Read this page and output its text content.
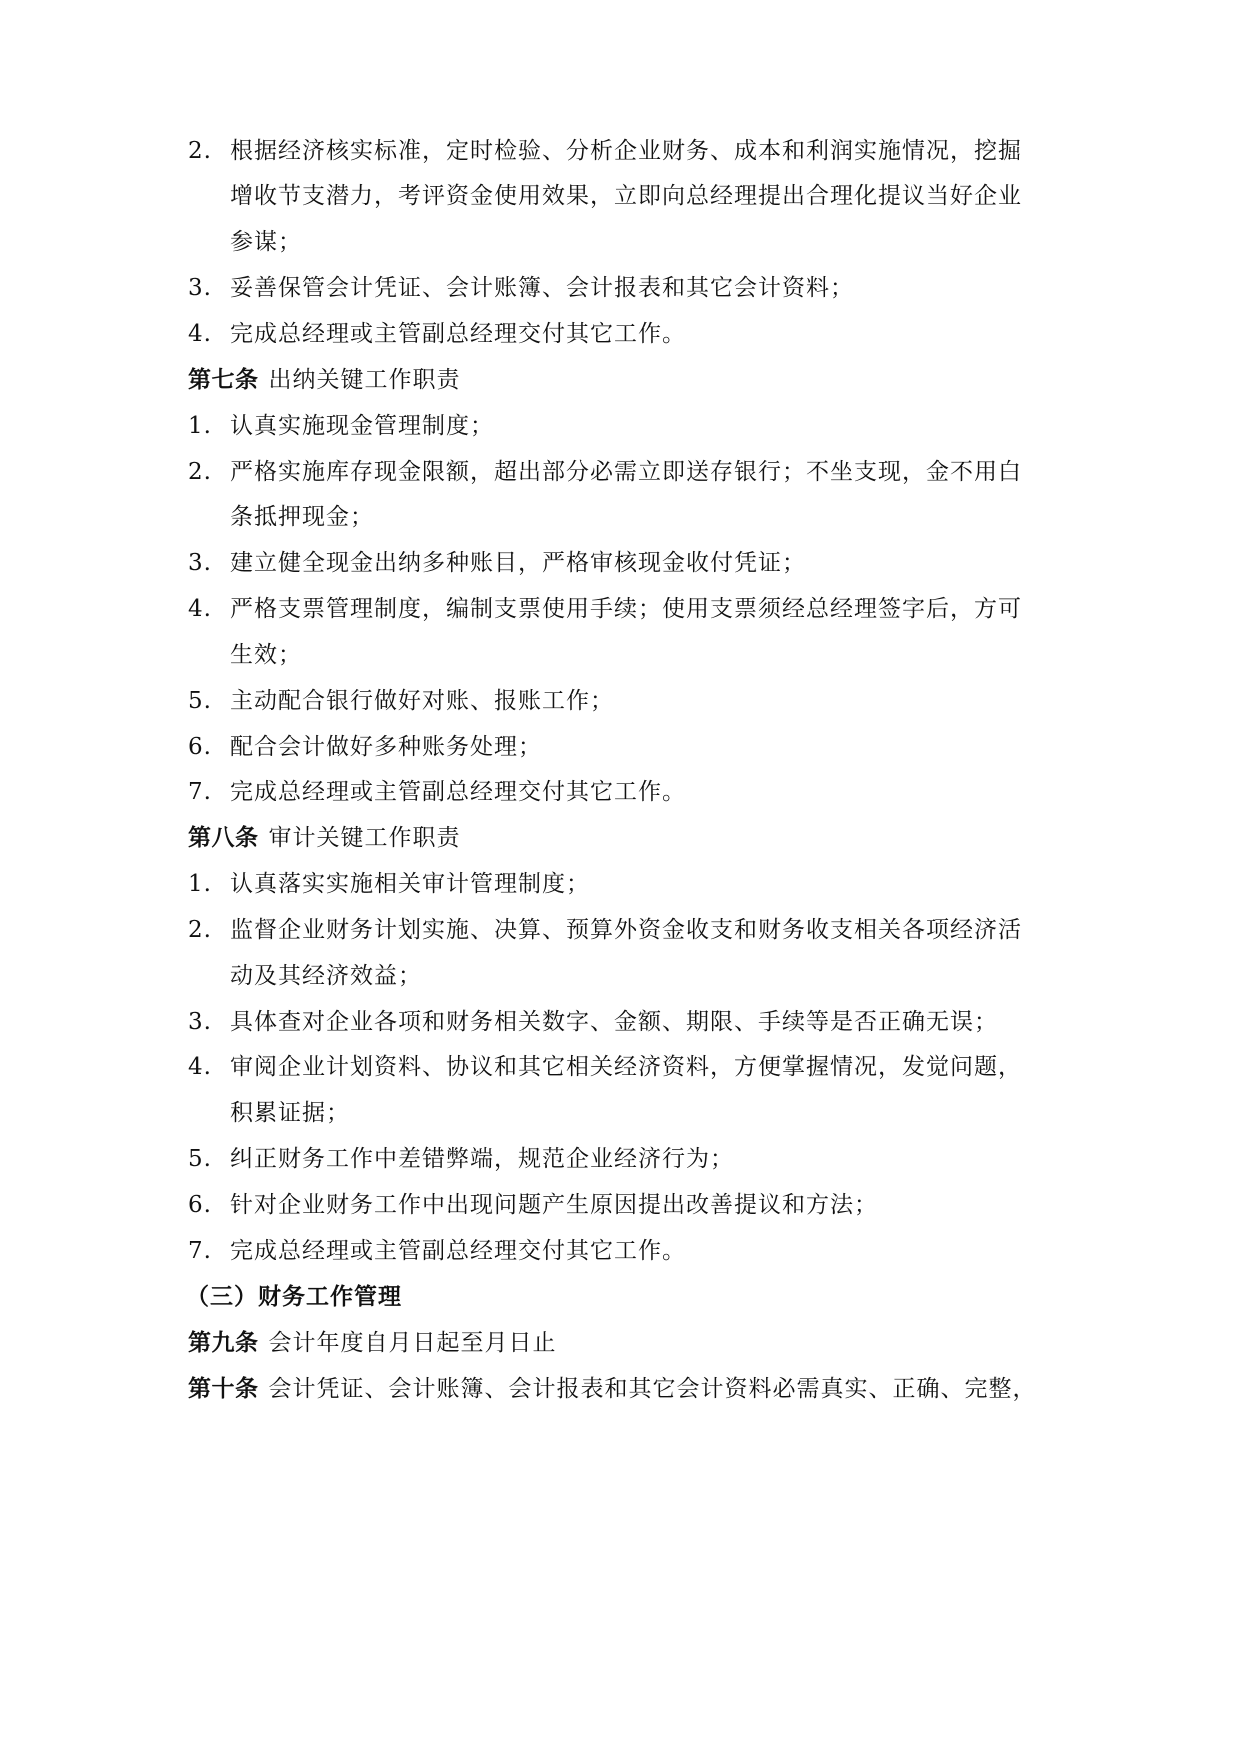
2. 根据经济核实标准，定时检验、分析企业财务、成本和利润实施情况，挖掘
增收节支潜力，考评资金使用效果，立即向总经理提出合理化提议当好企业
参谋；
3. 妥善保管会计凭证、会计账簿、会计报表和其它会计资料；
4. 完成总经理或主管副总经理交付其它工作。
第七条 出纳关键工作职责
1. 认真实施现金管理制度；
2. 严格实施库存现金限额，超出部分必需立即送存银行；不坐支现，金不用白
条抵押现金；
3. 建立健全现金出纳多种账目，严格审核现金收付凭证；
4. 严格支票管理制度，编制支票使用手续；使用支票须经总经理签字后，方可
生效；
5. 主动配合银行做好对账、报账工作；
6. 配合会计做好多种账务处理；
7. 完成总经理或主管副总经理交付其它工作。
第八条 审计关键工作职责
1. 认真落实实施相关审计管理制度；
2. 监督企业财务计划实施、决算、预算外资金收支和财务收支相关各项经济活
动及其经济效益；
3. 具体查对企业各项和财务相关数字、金额、期限、手续等是否正确无误；
4. 审阅企业计划资料、协议和其它相关经济资料，方便掌握情况，发觉问题，
积累证据；
5. 纠正财务工作中差错弊端，规范企业经济行为；
6. 针对企业财务工作中出现问题产生原因提出改善提议和方法；
7. 完成总经理或主管副总经理交付其它工作。
（三）财务工作管理
第九条 会计年度自月日起至月日止
第十条 会计凭证、会计账簿、会计报表和其它会计资料必需真实、正确、完整，
